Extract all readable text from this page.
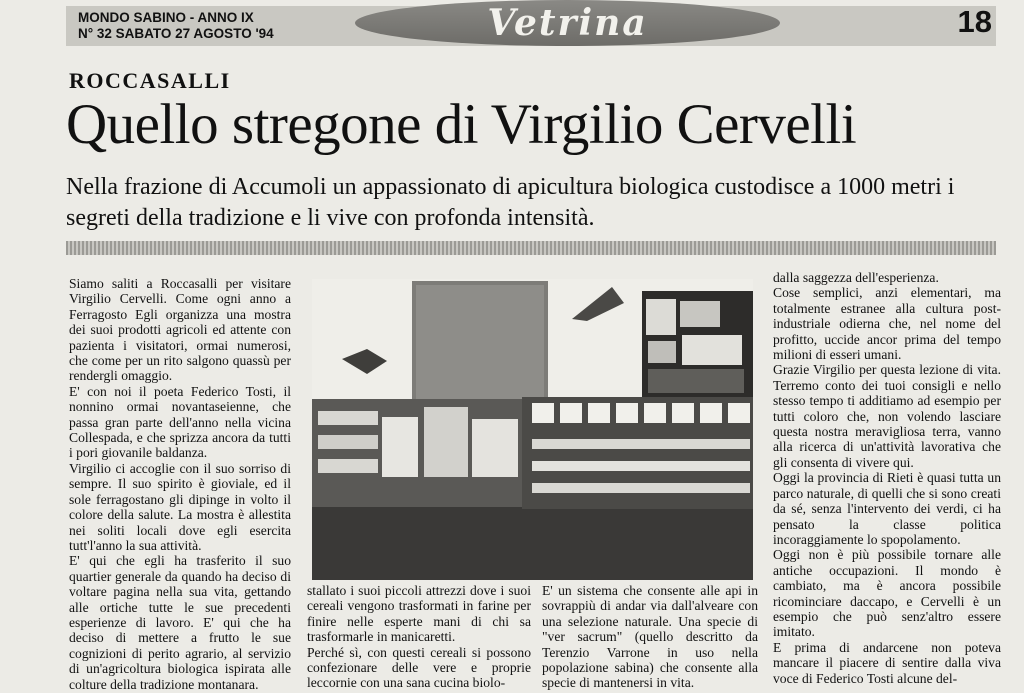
MONDO SABINO - ANNO IX
N° 32 SABATO 27 AGOSTO '94	Vetrina	18
ROCCASALLI
Quello stregone di Virgilio Cervelli
Nella frazione di Accumoli un appassionato di apicultura biologica custodisce a 1000 metri i segreti della tradizione e li vive con profonda intensità.
Siamo saliti a Roccasalli per visitare Virgilio Cervelli. Come ogni anno a Ferragosto Egli organizza una mostra dei suoi prodotti agricoli ed attente con pazienta i visitatori, ormai numerosi, che come per un rito salgono quassù per rendergli omaggio.
E' con noi il poeta Federico Tosti, il nonnino ormai novantaseienne, che passa gran parte dell'anno nella vicina Collespada, e che sprizza ancora da tutti i pori giovanile baldanza.
Virgilio ci accoglie con il suo sorriso di sempre. Il suo spirito è gioviale, ed il sole ferragostano gli dipinge in volto il colore della salute. La mostra è allestita nei soliti locali dove egli esercita tutt'l'anno la sua attività.
E' qui che egli ha trasferito il suo quartier generale da quando ha deciso di voltare pagina nella sua vita, gettando alle ortiche tutte le sue precedenti esperienze di lavoro. E' qui che ha deciso di mettere a frutto le sue cognizioni di perito agrario, al servizio di un'agricoltura biologica ispirata alle colture della tradizione montanara.
stallato i suoi piccoli attrezzi dove i suoi cereali vengono trasformati in farine per finire nelle esperte mani di chi sa trasformarle in manicaretti.
Perché sì, con questi cereali si possono confezionare delle vere e proprie leccornie con una sana cucina biolo-
E' un sistema che consente alle api in sovrappiù di andar via dall'alveare con una selezione naturale. Una specie di "ver sacrum" (quello descritto da Terenzio Varrone in uso nella popolazione sabina) che consente alla specie di mantenersi in vita.
dalla saggezza dell'esperienza.
Cose semplici, anzi elementari, ma totalmente estranee alla cultura post-industriale odierna che, nel nome del profitto, uccide ancor prima del tempo milioni di esseri umani.
Grazie Virgilio per questa lezione di vita. Terremo conto dei tuoi consigli e nello stesso tempo ti additiamo ad esempio per tutti coloro che, non volendo lasciare questa nostra meravigliosa terra, vanno alla ricerca di un'attività lavorativa che gli consenta di vivere qui.
Oggi la provincia di Rieti è quasi tutta un parco naturale, di quelli che si sono creati da sé, senza l'intervento dei verdi, ci ha pensato la classe politica incoraggiamente lo spopolamento.
Oggi non è più possibile tornare alle antiche occupazioni. Il mondo è cambiato, ma è ancora possibile ricominciare daccapo, e Cervelli è un esempio che può senz'altro essere imitato.
E prima di andarcene non poteva mancare il piacere di sentire dalla viva voce di Federico Tosti alcune del-
